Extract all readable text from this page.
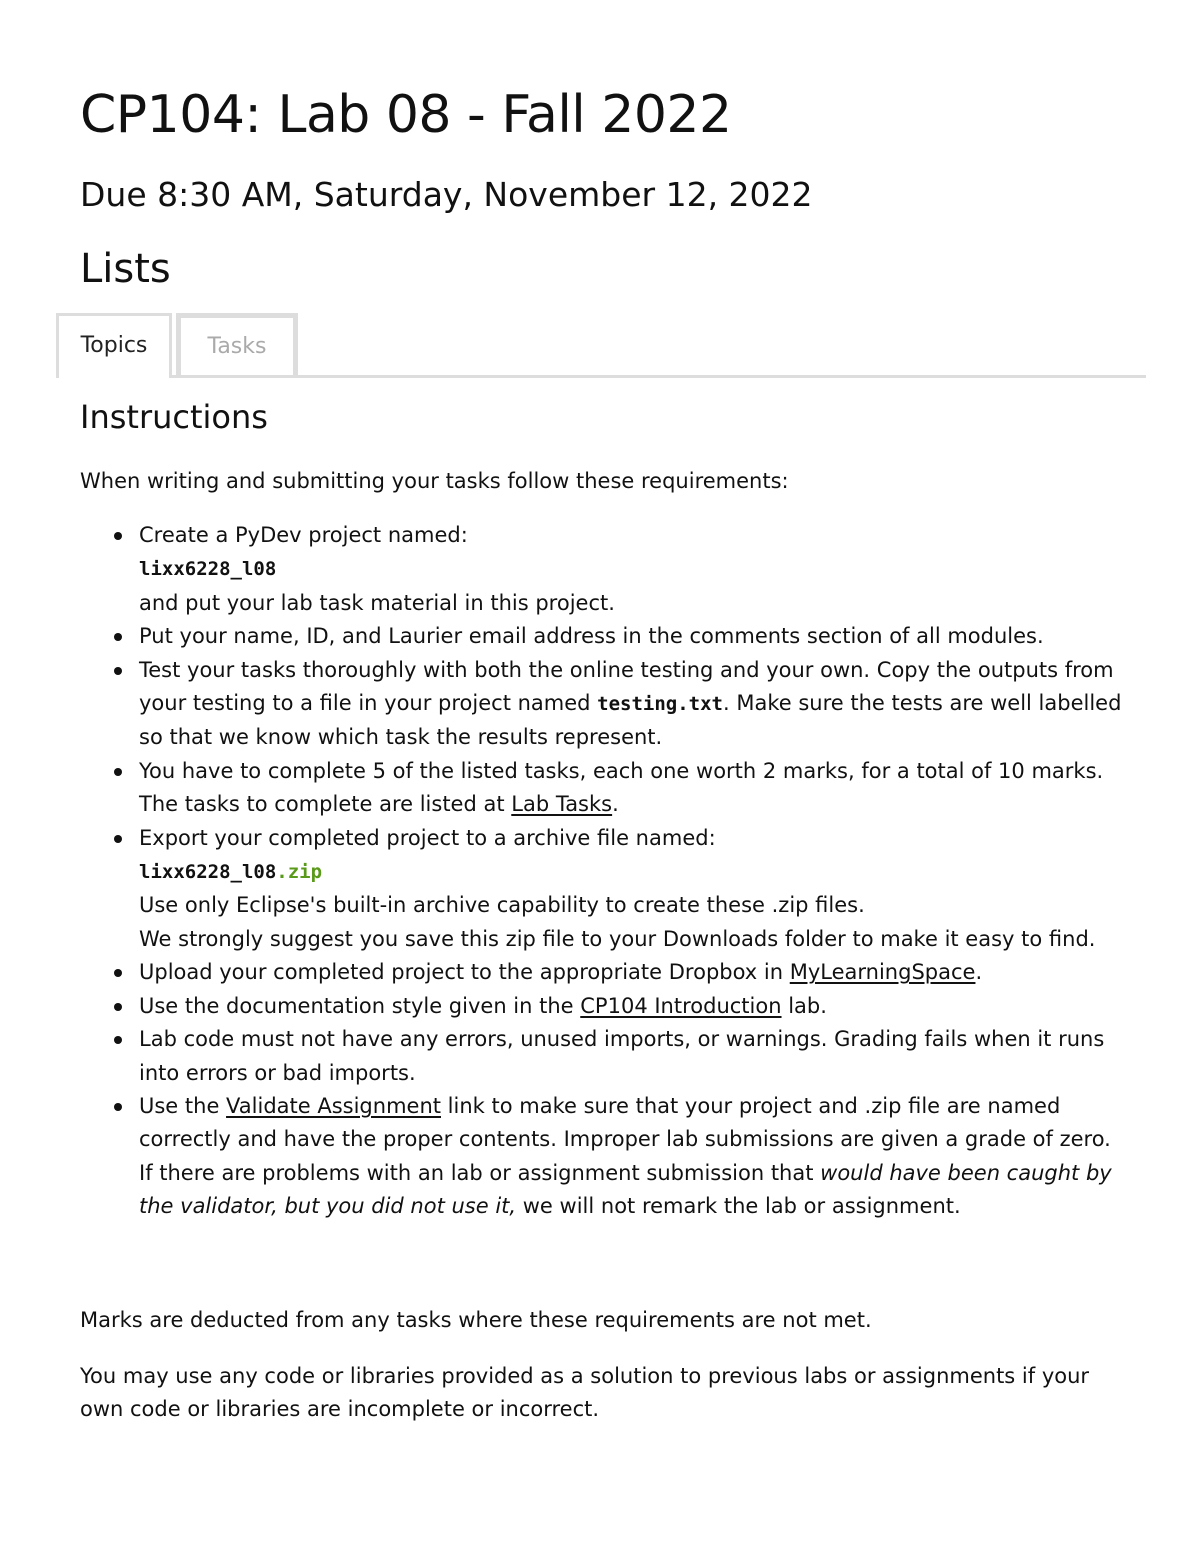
CP104: Lab 08 - Fall 2022
Due 8:30 AM, Saturday, November 12, 2022
Lists
Topics	Tasks
Instructions

When writing and submitting your tasks follow these requirements:

Create a PyDev project named:
lixx6228_l08
and put your lab task material in this project.
Put your name, ID, and Laurier email address in the comments section of all modules.
Test your tasks thoroughly with both the online testing and your own. Copy the outputs from your testing to a file in your project named testing.txt. Make sure the tests are well labelled so that we know which task the results represent.
You have to complete 5 of the listed tasks, each one worth 2 marks, for a total of 10 marks. The tasks to complete are listed at Lab Tasks.
Export your completed project to a archive file named:
lixx6228_l08.zip
Use only Eclipse's built-in archive capability to create these .zip files.
We strongly suggest you save this zip file to your Downloads folder to make it easy to find.
Upload your completed project to the appropriate Dropbox in MyLearningSpace.
Use the documentation style given in the CP104 Introduction lab.
Lab code must not have any errors, unused imports, or warnings. Grading fails when it runs into errors or bad imports.
Use the Validate Assignment link to make sure that your project and .zip file are named correctly and have the proper contents. Improper lab submissions are given a grade of zero. If there are problems with an lab or assignment submission that would have been caught by the validator, but you did not use it, we will not remark the lab or assignment.

Marks are deducted from any tasks where these requirements are not met.

You may use any code or libraries provided as a solution to previous labs or assignments if your own code or libraries are incomplete or incorrect.
